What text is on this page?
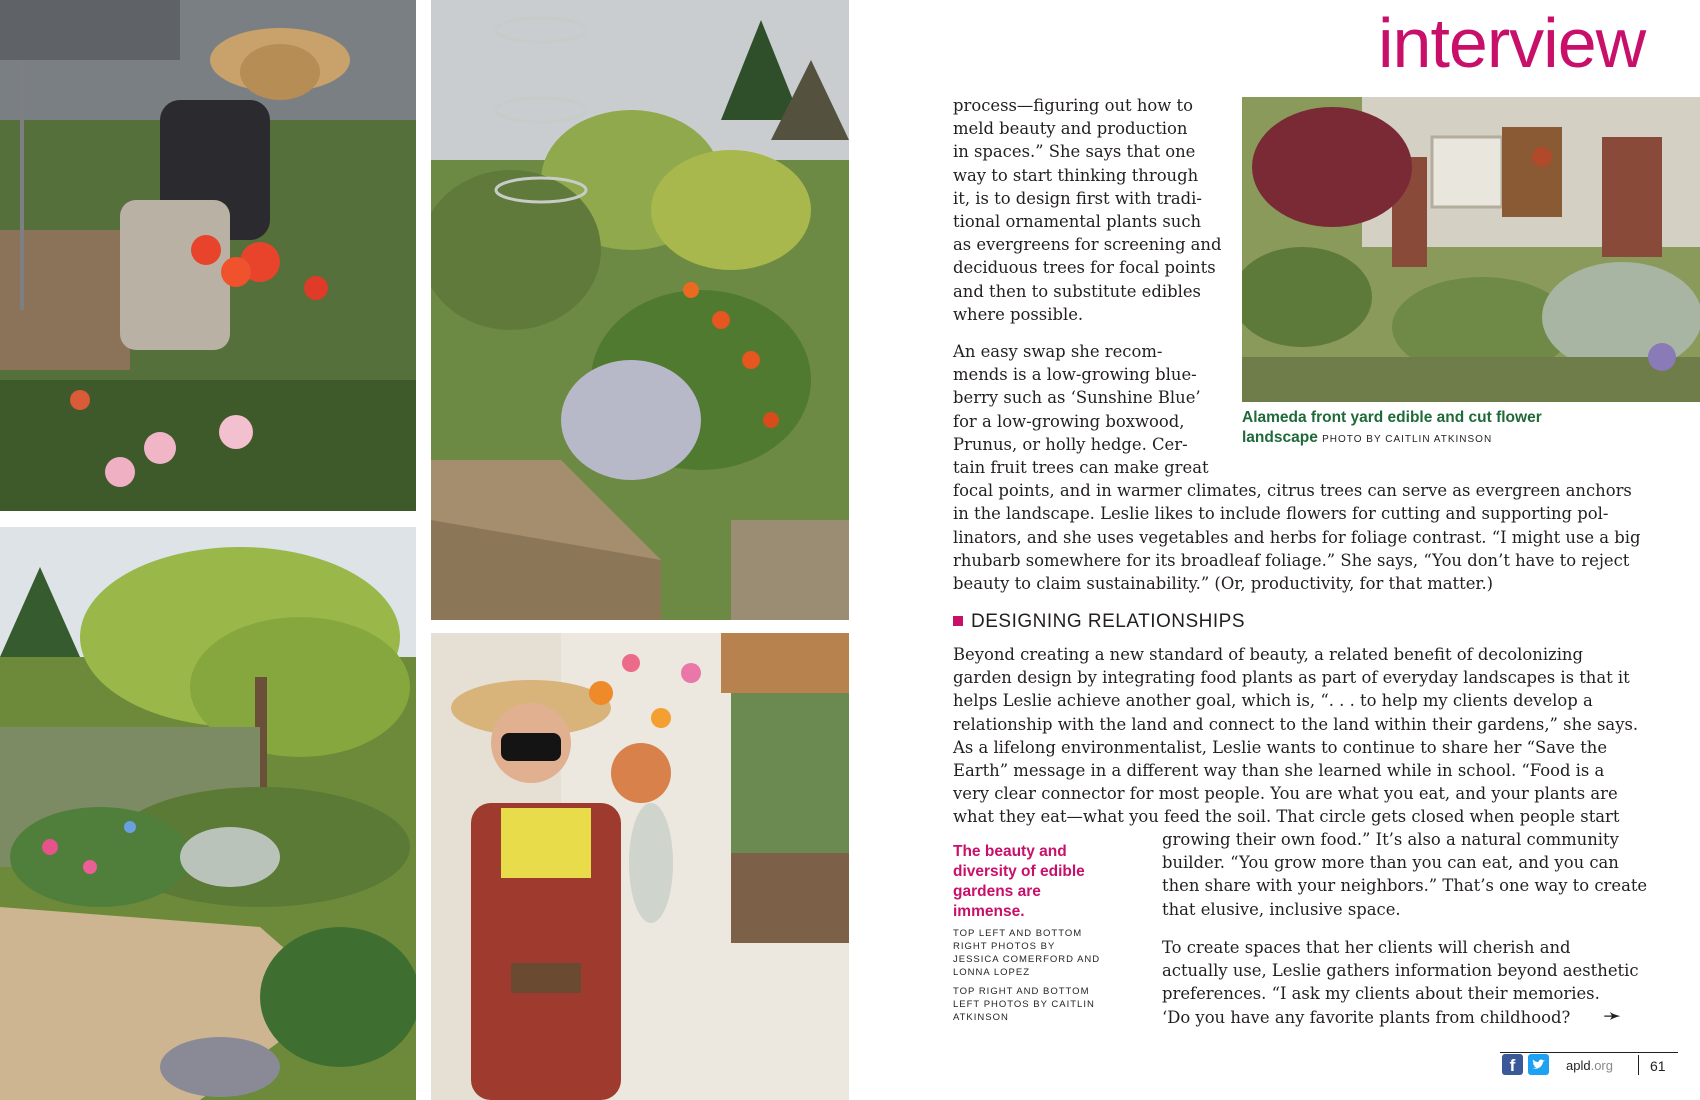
interview

process—figuring out how to
meld beauty and production
in spaces.” She says that one
way to start thinking through
it, is to design first with tradi-
tional ornamental plants such
as evergreens for screening and
deciduous trees for focal points
and then to substitute edibles
where possible.

An easy swap she recom-
mends is a low-growing blue-
berry such as ‘Sunshine Blue’
for a low-growing boxwood,
Prunus, or holly hedge. Cer-
tain fruit trees can make great
focal points, and in warmer climates, citrus trees can serve as evergreen anchors
in the landscape. Leslie likes to include flowers for cutting and supporting pol-
linators, and she uses vegetables and herbs for foliage contrast. “I might use a big
rhubarb somewhere for its broadleaf foliage.” She says, “You don’t have to reject
beauty to claim sustainability.” (Or, productivity, for that matter.)

Alameda front yard edible and cut flower
landscape PHOTO BY CAITLIN ATKINSON
DESIGNING RELATIONSHIPS

Beyond creating a new standard of beauty, a related benefit of decolonizing
garden design by integrating food plants as part of everyday landscapes is that it
helps Leslie achieve another goal, which is, “. . . to help my clients develop a
relationship with the land and connect to the land within their gardens,” she says.
As a lifelong environmentalist, Leslie wants to continue to share her “Save the
Earth” message in a different way than she learned while in school. “Food is a
very clear connector for most people. You are what you eat, and your plants are
what they eat—what you feed the soil. That circle gets closed when people start

growing their own food.” It’s also a natural community
builder. “You grow more than you can eat, and you can
then share with your neighbors.” That’s one way to create
that elusive, inclusive space.

To create spaces that her clients will cherish and
actually use, Leslie gathers information beyond aesthetic
preferences. “I ask my clients about their memories.
‘Do you have any favorite plants from childhood?	➛
The beauty and
diversity of edible
gardens are
immense.
TOP LEFT AND BOTTOM
RIGHT PHOTOS BY
JESSICA COMERFORD AND
LONNA LOPEZ
TOP RIGHT AND BOTTOM
LEFT PHOTOS BY CAITLIN
ATKINSON
f	apld.org	61
